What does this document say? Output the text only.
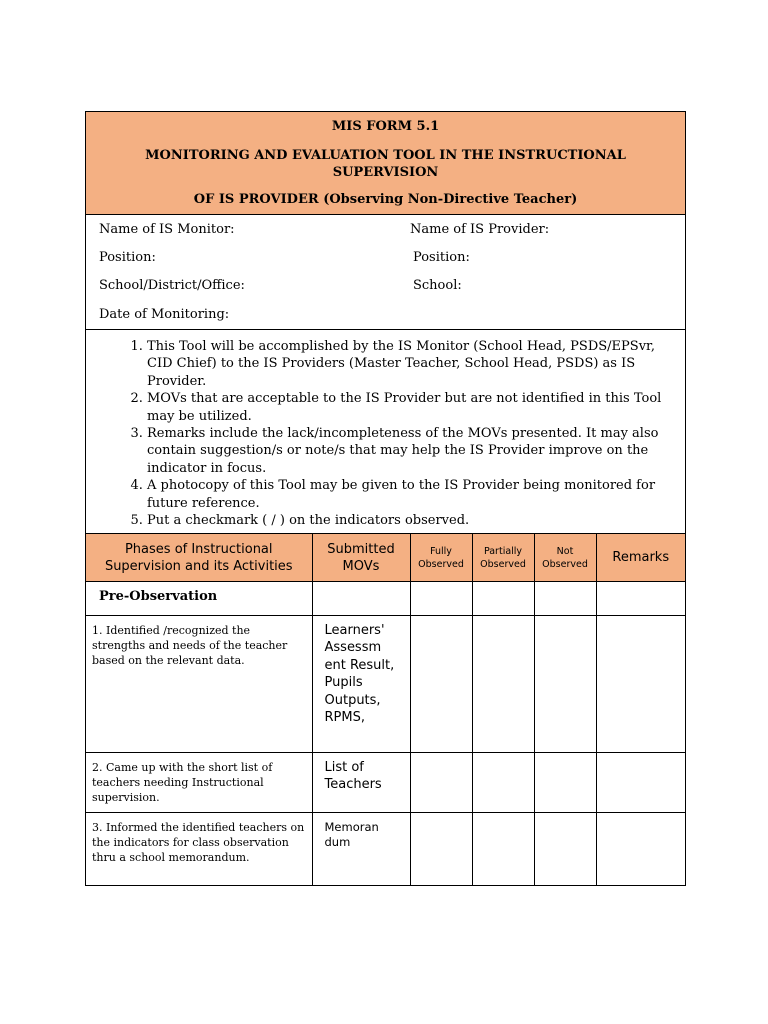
MIS FORM 5.1
MONITORING AND EVALUATION TOOL IN THE INSTRUCTIONAL SUPERVISION
OF IS PROVIDER (Observing Non-Directive Teacher)
Name of IS Monitor:	Name of IS Provider:
Position:	Position:
School/District/Office:	School:
Date of Monitoring:
1. This Tool will be accomplished by the IS Monitor (School Head, PSDS/EPSvr, CID Chief) to the IS Providers (Master Teacher, School Head, PSDS) as IS Provider.
2. MOVs that are acceptable to the IS Provider but are not identified in this Tool may be utilized.
3. Remarks include the lack/incompleteness of the MOVs presented. It may also contain suggestion/s or note/s that may help the IS Provider improve on the indicator in focus.
4. A photocopy of this Tool may be given to the IS Provider being monitored for future reference.
5. Put a checkmark ( / ) on the indicators observed.
Phases of Instructional Supervision and its Activities	Submitted MOVs	Fully Observed	Partially Observed	Not Observed	Remarks
Pre-Observation					
1. Identified /recognized the strengths and needs of the teacher based on the relevant data.	Learners' Assessm ent Result, Pupils Outputs, RPMS,				
2. Came up with the short list of teachers needing Instructional supervision.	List of Teachers				
3. Informed the identified teachers on the indicators for class observation thru a school memorandum.	Memoran dum				
